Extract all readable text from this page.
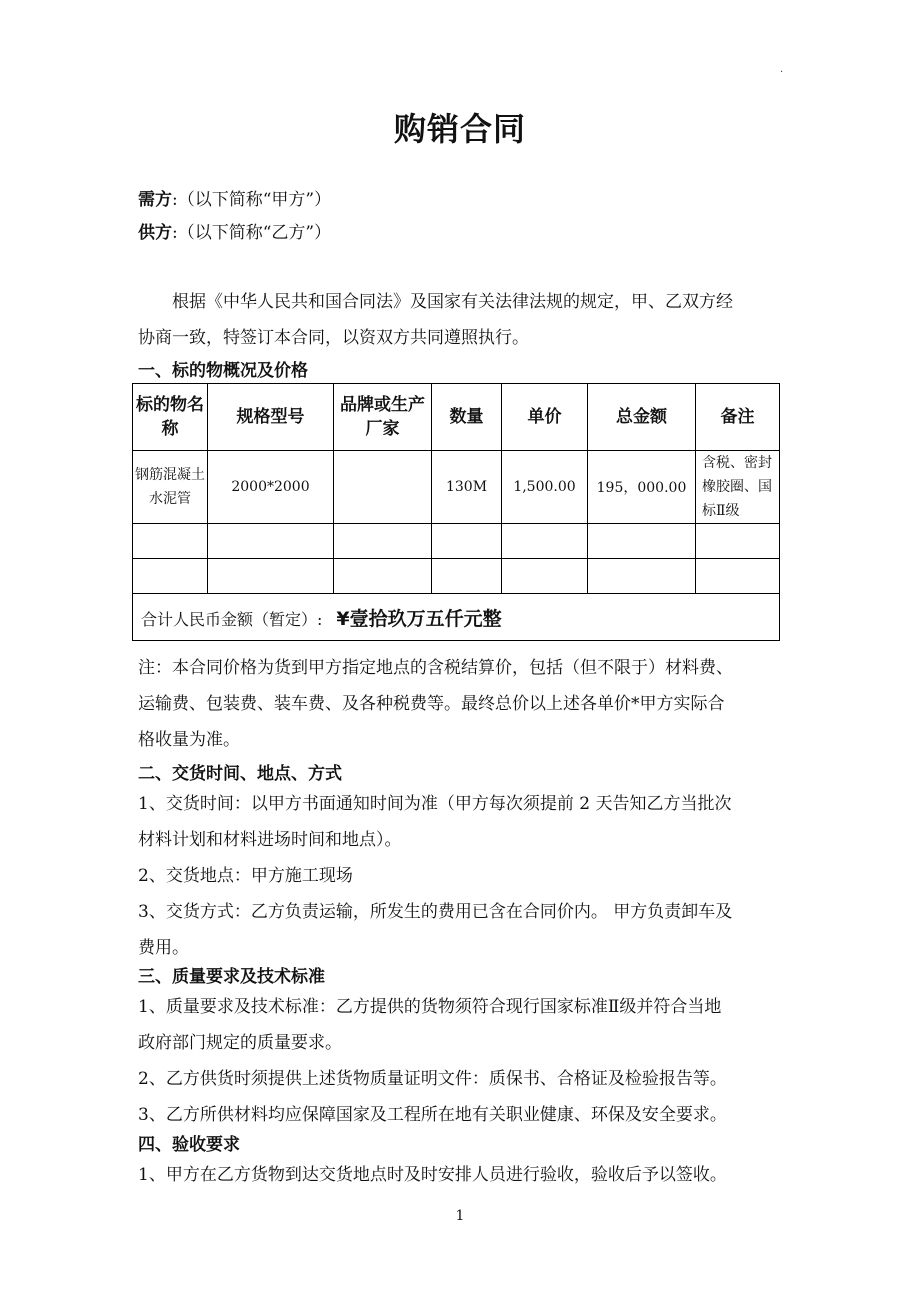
.
购销合同
需方:（以下简称“甲方”）
供方:（以下简称“乙方”）
根据《中华人民共和国合同法》及国家有关法律法规的规定，甲、乙双方经
协商一致，特签订本合同，以资双方共同遵照执行。
一、标的物概况及价格
标的物名称	规格型号	品牌或生产厂家	数量	单价	总金额	备注
钢筋混凝土水泥管	2000*2000		130M	1,500.00	195，000.00	含税、密封橡胶圈、国标Ⅱ级

合计人民币金额（暂定）: ¥壹拾玖万五仟元整						
注：本合同价格为货到甲方指定地点的含税结算价，包括（但不限于）材料费、
运输费、包装费、装车费、及各种税费等。最终总价以上述各单价*甲方实际合
格收量为准。
二、交货时间、地点、方式
1、交货时间：以甲方书面通知时间为准（甲方每次须提前 2 天告知乙方当批次
材料计划和材料进场时间和地点）。
2、交货地点：甲方施工现场
3、交货方式：乙方负责运输，所发生的费用已含在合同价内。 甲方负责卸车及
费用。
三、质量要求及技术标准
1、质量要求及技术标准：乙方提供的货物须符合现行国家标准Ⅱ级并符合当地
政府部门规定的质量要求。
2、乙方供货时须提供上述货物质量证明文件：质保书、合格证及检验报告等。
3、乙方所供材料均应保障国家及工程所在地有关职业健康、环保及安全要求。
四、验收要求
1、甲方在乙方货物到达交货地点时及时安排人员进行验收，验收后予以签收。
1
